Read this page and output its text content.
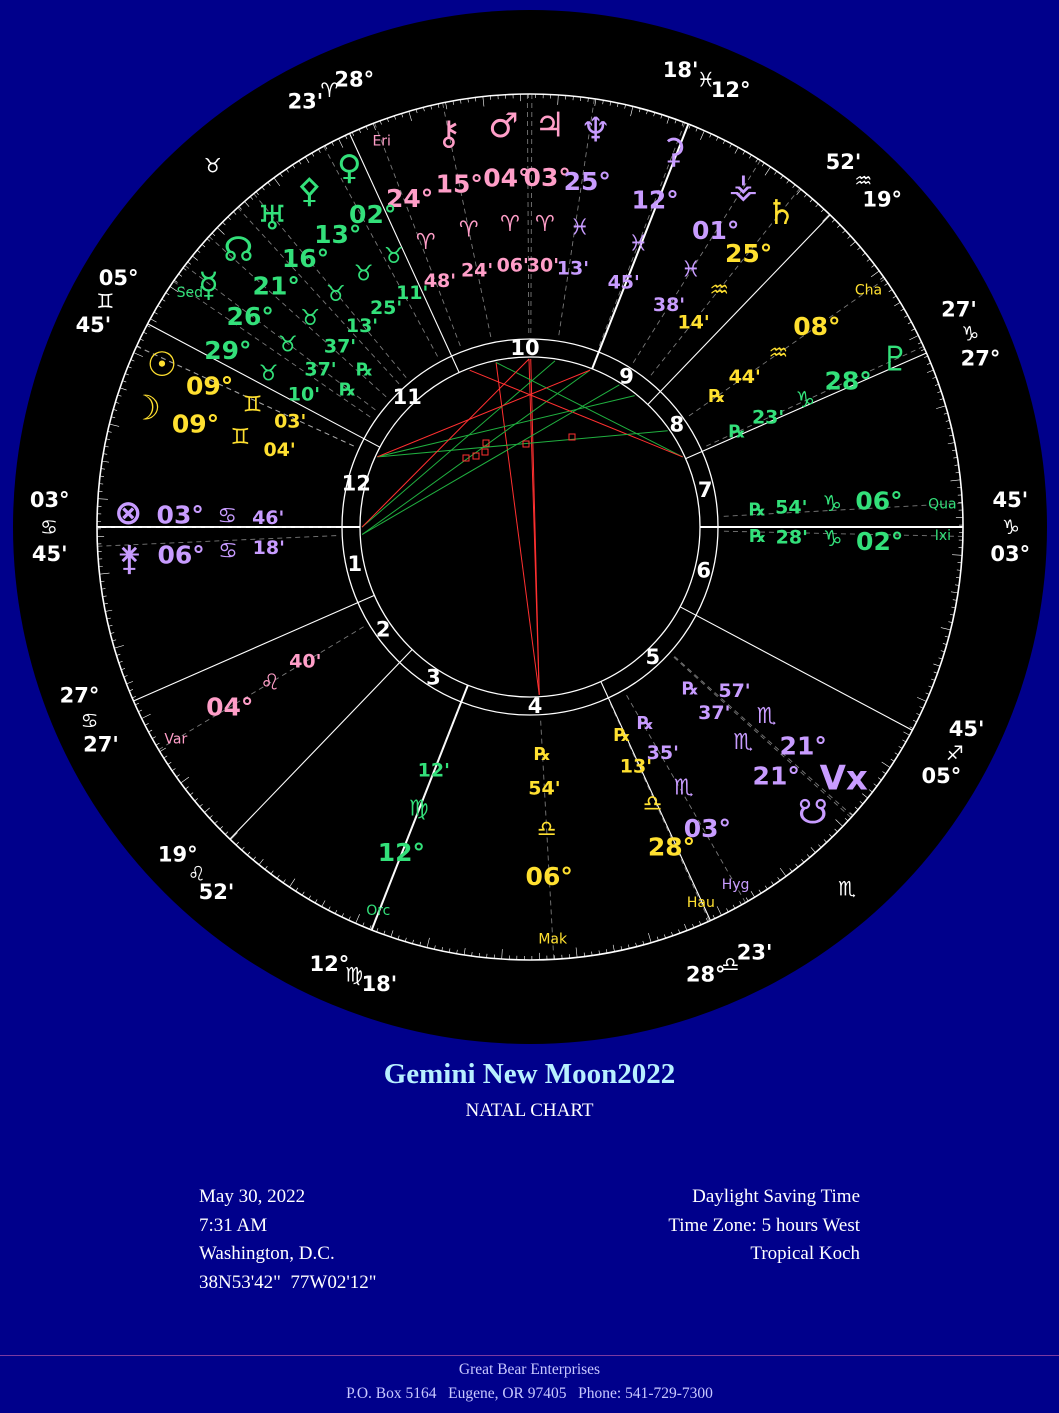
03°
♋
45'
27°
♋
27'
19°
♌
52'
12°
♍
18'	28°
♎
23'
05°
♐
45'
03°
♑
45'
27°
♑
27'
19°
♒
52'
12°
♓
18'
28°
♈
23'
05°
♊
45'
♉
♏
1
2
3
4
5
6
7
8
9
10
11
12
♃
03°
♈
30'
♂
04°
♈
06'
⚷
15°
♈
24'
24°
♈
48'
♀
02°
♉
11'
⚴
13°
♉
25'
♅
16°
♉
13'
☊
21°
♉
37'
℞
☿
26°
♉
37'
℞
29°
♉
10'
☉
09°
♊
03'
☽ 09° ♊ 04'
⊗ 03° ♋ 46'
⚵ 06° ♋ 18'
04°
♌
40'
12°
♍
12'
06°
♎
54'
℞
28°
♎
13'
℞
03°
♏
35'
℞
☋
21°
♏
37'
℞
Vx
21°
♏
57'
02°
♑
28'
℞
06°
♑
54'
℞
♇
28°
♑
23'
℞
08°
♒
44'
℞
♄
25°
♒
14'
⚶
01°
♓
38'
⚳
12°
♓
45'
♆
25°
♓
13'
Eri
Cha
Qua
Ixi
Sed
Var
Orc
Mak
Hau
Hyg
Gemini New Moon2022
NATAL CHART
May 30, 2022
7:31 AM
Washington, D.C.
38N53'42"  77W02'12"
Daylight Saving Time
Time Zone: 5 hours West
Tropical Koch
Great Bear Enterprises
P.O. Box 5164   Eugene, OR 97405   Phone: 541-729-7300
